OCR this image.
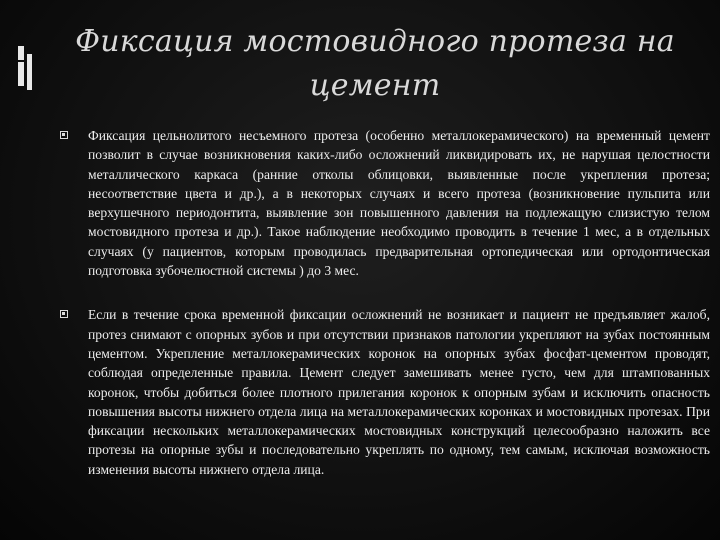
Фиксация мостовидного протеза на цемент
Фиксация цельнолитого несъемного протеза (особенно металлокерамического) на временный цемент позволит в случае возникновения каких-либо осложнений ликвидировать их, не нарушая целостности металлического каркаса (ранние отколы облицовки, выявленные после укрепления протеза; несоответствие цвета и др.), а в некоторых случаях и всего протеза (возникновение пульпита или верхушечного периодонтита, выявление зон повышенного давления на подлежащую слизистую телом мостовидного протеза и др.). Такое наблюдение необходимо проводить в течение 1 мес, а в отдельных случаях (у пациентов, которым проводилась предварительная ортопедическая или ортодонтическая подготовка зубочелюстной системы ) до 3 мес.
Если в течение срока временной фиксации осложнений не возникает и пациент не предъявляет жалоб, протез снимают с опорных зубов и при отсутствии признаков патологии укрепляют на зубах постоянным цементом. Укрепление металлокерамических коронок на опорных зубах фосфат-цементом проводят, соблюдая определенные правила. Цемент следует замешивать менее густо, чем для штампованных коронок, чтобы добиться более плотного прилегания коронок к опорным зубам и исключить опасность повышения высоты нижнего отдела лица на металлокерамических коронках и мостовидных протезах. При фиксации нескольких металлокерамических мостовидных конструкций целесообразно наложить все протезы на опорные зубы и последовательно укреплять по одному, тем самым, исключая возможность изменения высоты нижнего отдела лица.
